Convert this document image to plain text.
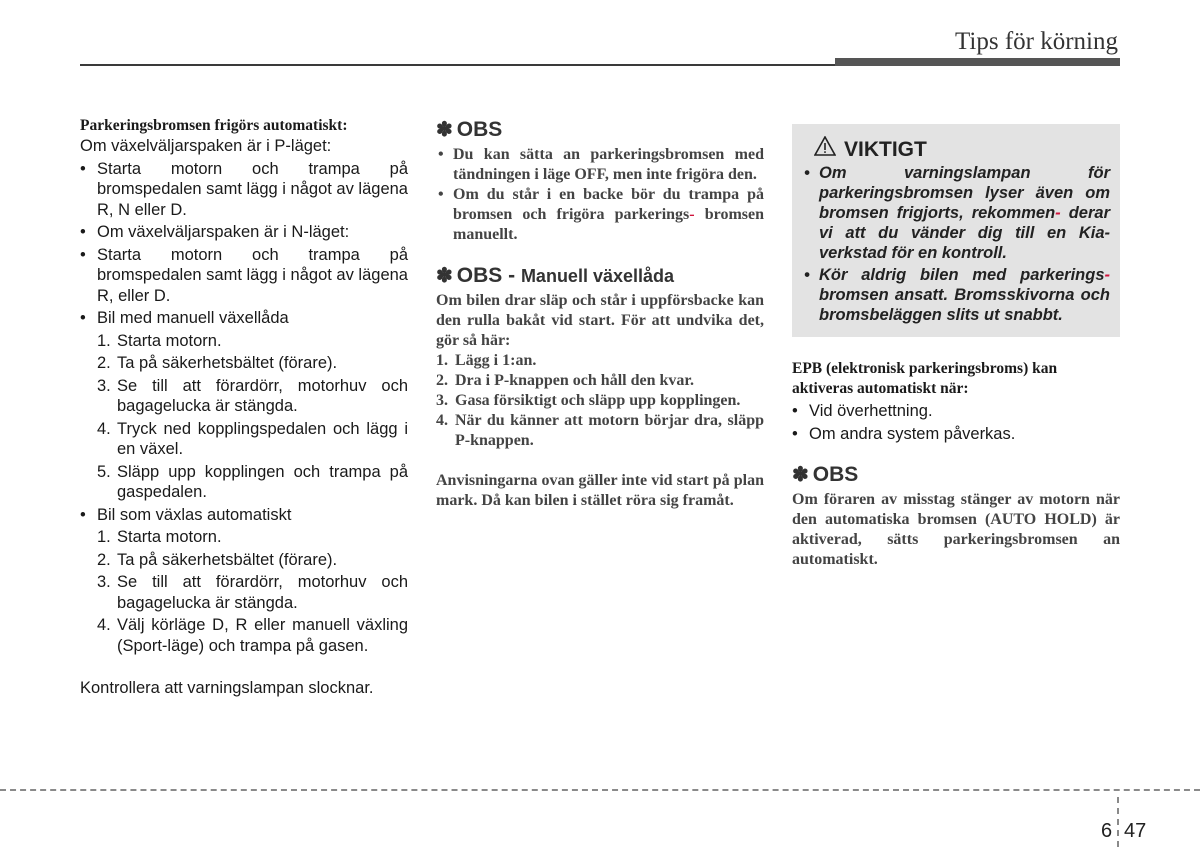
Tips för körning
Parkeringsbromsen frigörs automatiskt:
Om växelväljarspaken är i P-läget:
• Starta motorn och trampa på bromspedalen samt lägg i något av lägena R, N eller D.
• Om växelväljarspaken är i N-läget:
• Starta motorn och trampa på bromspedalen samt lägg i något av lägena R, eller D.
• Bil med manuell växellåda
1. Starta motorn.
2. Ta på säkerhetsbältet (förare).
3. Se till att förardörr, motorhuv och bagagelucka är stängda.
4. Tryck ned kopplingspedalen och lägg i en växel.
5. Släpp upp kopplingen och trampa på gaspedalen.
• Bil som växlas automatiskt
1. Starta motorn.
2. Ta på säkerhetsbältet (förare).
3. Se till att förardörr, motorhuv och bagagelucka är stängda.
4. Välj körläge D, R eller manuell växling (Sport-läge) och trampa på gasen.
Kontrollera att varningslampan slocknar.
✽ OBS
• Du kan sätta an parkeringsbromsen med tändningen i läge OFF, men inte frigöra den.
• Om du står i en backe bör du trampa på bromsen och frigöra parkerings- bromsen manuellt.
✽ OBS - Manuell växellåda
Om bilen drar släp och står i uppförsbacke kan den rulla bakåt vid start. För att undvika det, gör så här:
1. Lägg i 1:an.
2. Dra i P-knappen och håll den kvar.
3. Gasa försiktigt och släpp upp kopplingen.
4. När du känner att motorn börjar dra, släpp P-knappen.
Anvisningarna ovan gäller inte vid start på plan mark. Då kan bilen i stället röra sig framåt.
VIKTIGT
• Om varningslampan för parkeringsbromsen lyser även om bromsen frigjorts, rekommen- derar vi att du vänder dig till en Kia-verkstad för en kontroll.
• Kör aldrig bilen med parkerings- bromsen ansatt. Bromsskivorna och bromsbeläggen slits ut snabbt.
EPB (elektronisk parkeringsbroms) kan aktiveras automatiskt när:
• Vid överhettning.
• Om andra system påverkas.
✽ OBS
Om föraren av misstag stänger av motorn när den automatiska bromsen (AUTO HOLD) är aktiverad, sätts parkeringsbromsen an automatiskt.
6 47
